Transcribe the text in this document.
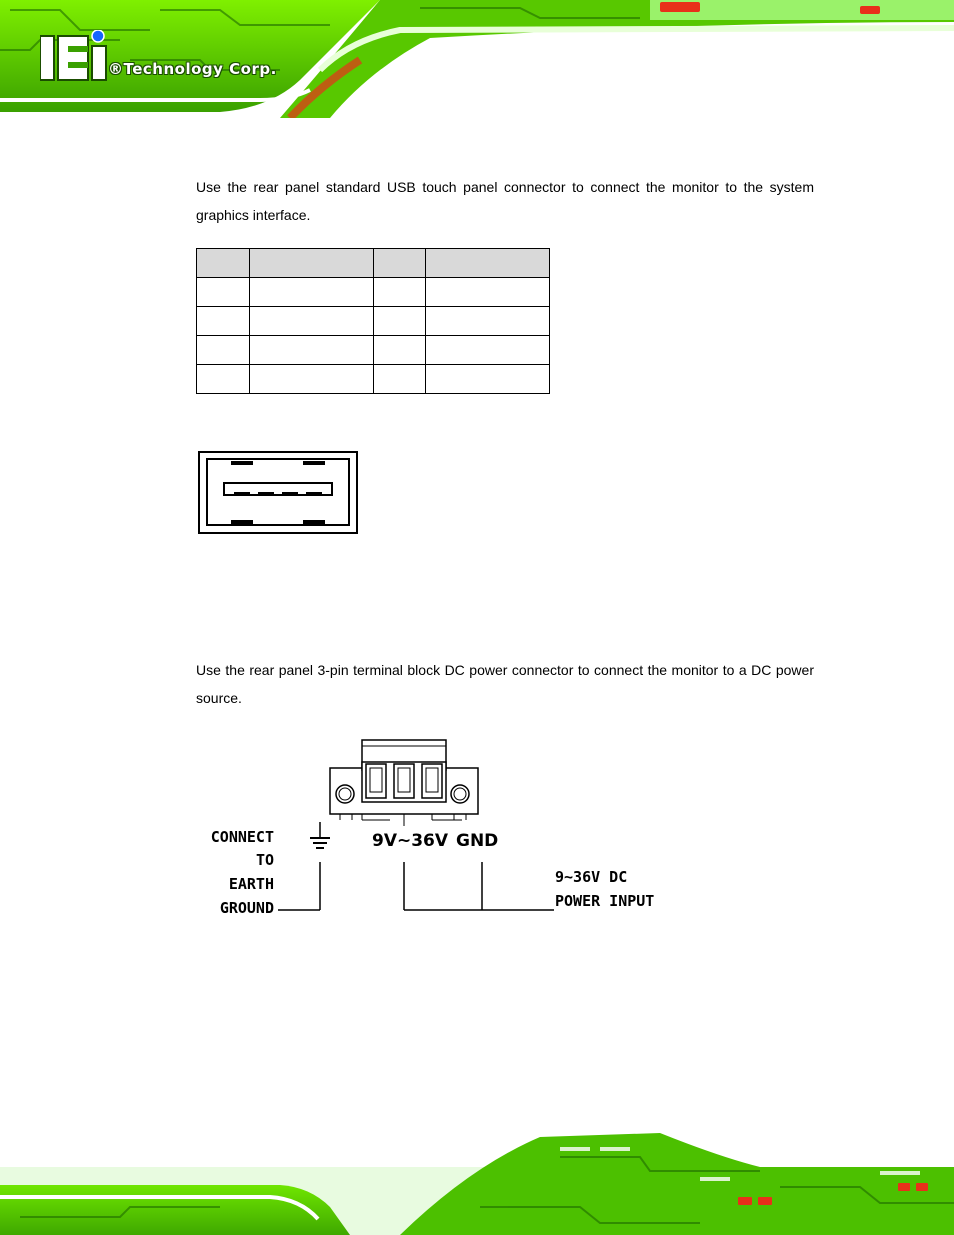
®Technology Corp.
Use the rear panel standard USB touch panel connector to connect the monitor to the system graphics interface.

Use the rear panel 3-pin terminal block DC power connector to connect the monitor to a DC power source.
CONNECT
TO
EARTH
GROUND
9V~36V GND
9~36V DC
POWER INPUT
